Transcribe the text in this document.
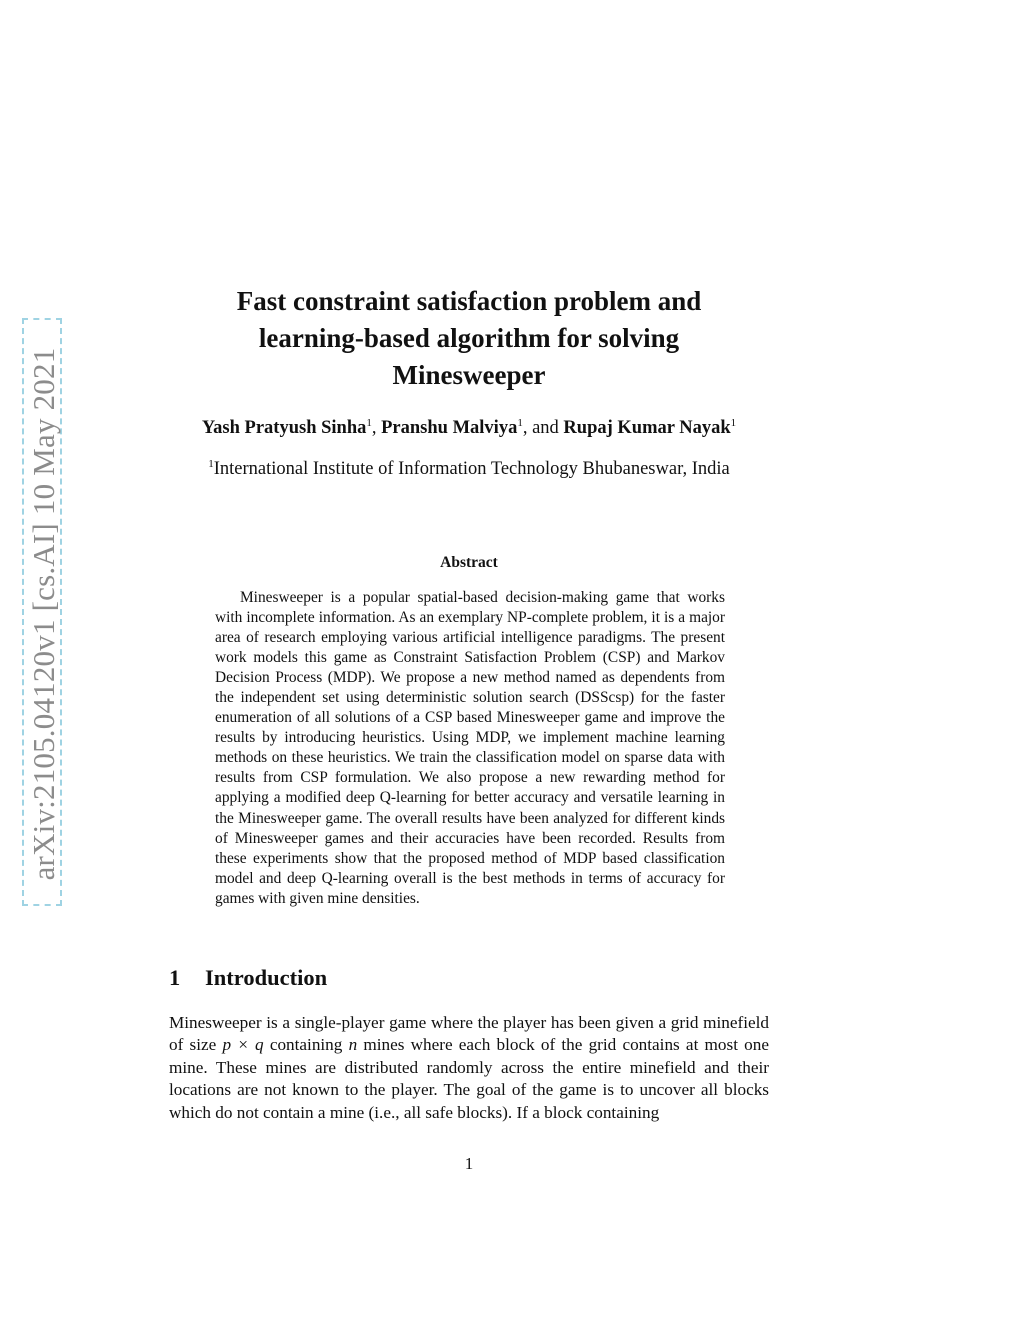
arXiv:2105.04120v1 [cs.AI] 10 May 2021
Fast constraint satisfaction problem and
learning-based algorithm for solving
Minesweeper
Yash Pratyush Sinha$^1$, Pranshu Malviya$^1$, and Rupaj Kumar Nayak$^1$
$^1$International Institute of Information Technology Bhubaneswar, India
Abstract

Minesweeper is a popular spatial-based decision-making game that works with incomplete information. As an exemplary NP-complete problem, it is a major area of research employing various artificial intelligence paradigms. The present work models this game as Constraint Satisfaction Problem (CSP) and Markov Decision Process (MDP). We propose a new method named as dependents from the independent set using deterministic solution search (DSScsp) for the faster enumeration of all solutions of a CSP based Minesweeper game and improve the results by introducing heuristics. Using MDP, we implement machine learning methods on these heuristics. We train the classification model on sparse data with results from CSP formulation. We also propose a new rewarding method for applying a modified deep Q-learning for better accuracy and versatile learning in the Minesweeper game. The overall results have been analyzed for different kinds of Minesweeper games and their accuracies have been recorded. Results from these experiments show that the proposed method of MDP based classification model and deep Q-learning overall is the best methods in terms of accuracy for games with given mine densities.

1 Introduction

Minesweeper is a single-player game where the player has been given a grid minefield of size p × q containing n mines where each block of the grid contains at most one mine. These mines are distributed randomly across the entire minefield and their locations are not known to the player. The goal of the game is to uncover all blocks which do not contain a mine (i.e., all safe blocks). If a block containing

1
